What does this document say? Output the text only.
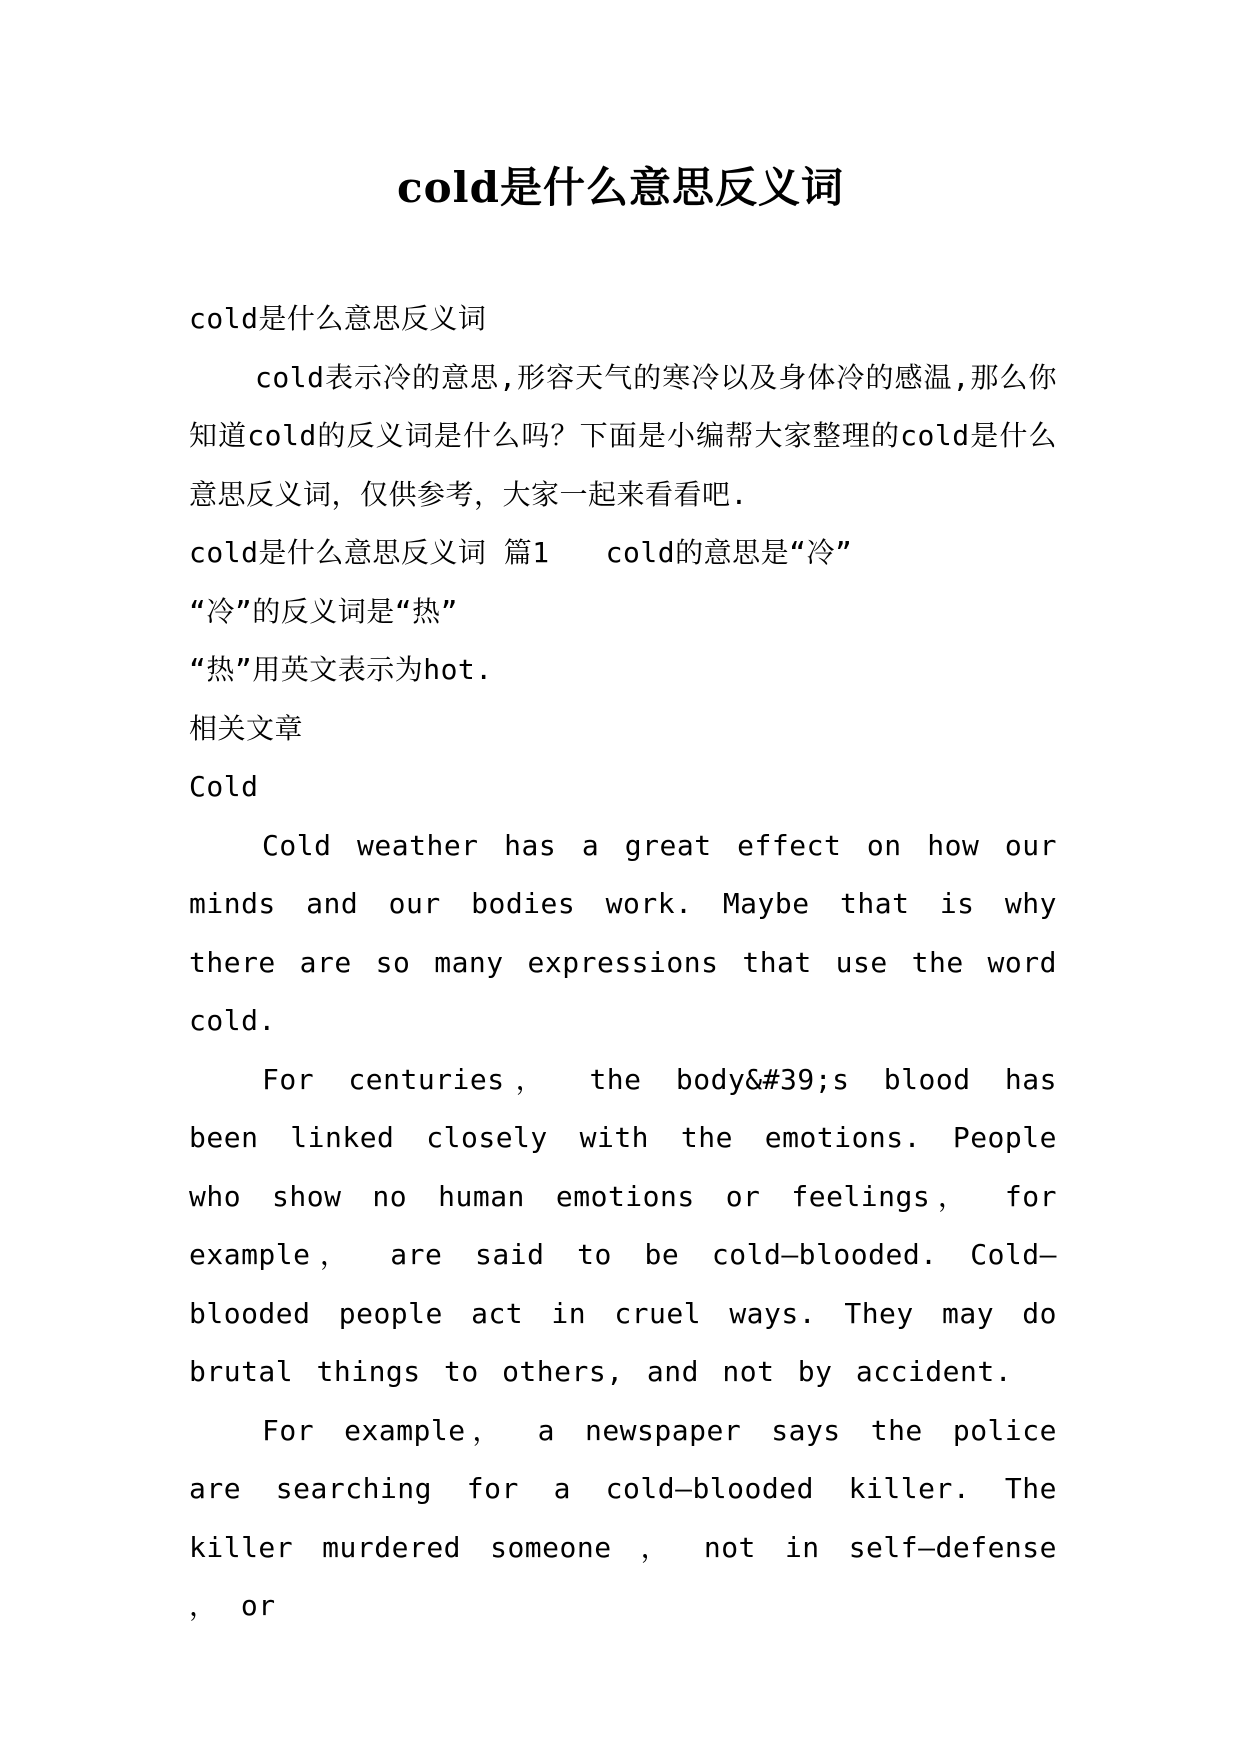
cold是什么意思反义词

cold是什么意思反义词

cold表示冷的意思,形容天气的寒冷以及身体冷的感温,那么你知道cold的反义词是什么吗？下面是小编帮大家整理的cold是什么意思反义词，仅供参考，大家一起来看看吧.

cold是什么意思反义词 篇1 cold的意思是“冷”

“冷”的反义词是“热”

“热”用英文表示为hot.

相关文章

Cold

Cold weather has a great effect on how our minds and our bodies work. Maybe that is why there are so many expressions that use the word cold.

For centuries， the body&#39;s blood has been linked closely with the emotions. People who show no human emotions or feelings， for example， are said to be cold—blooded. Cold—blooded people act in cruel ways. They may do brutal things to others, and not by accident.

For example， a newspaper says the police are searching for a cold—blooded killer. The killer murdered someone ， not in self—defense ， or
